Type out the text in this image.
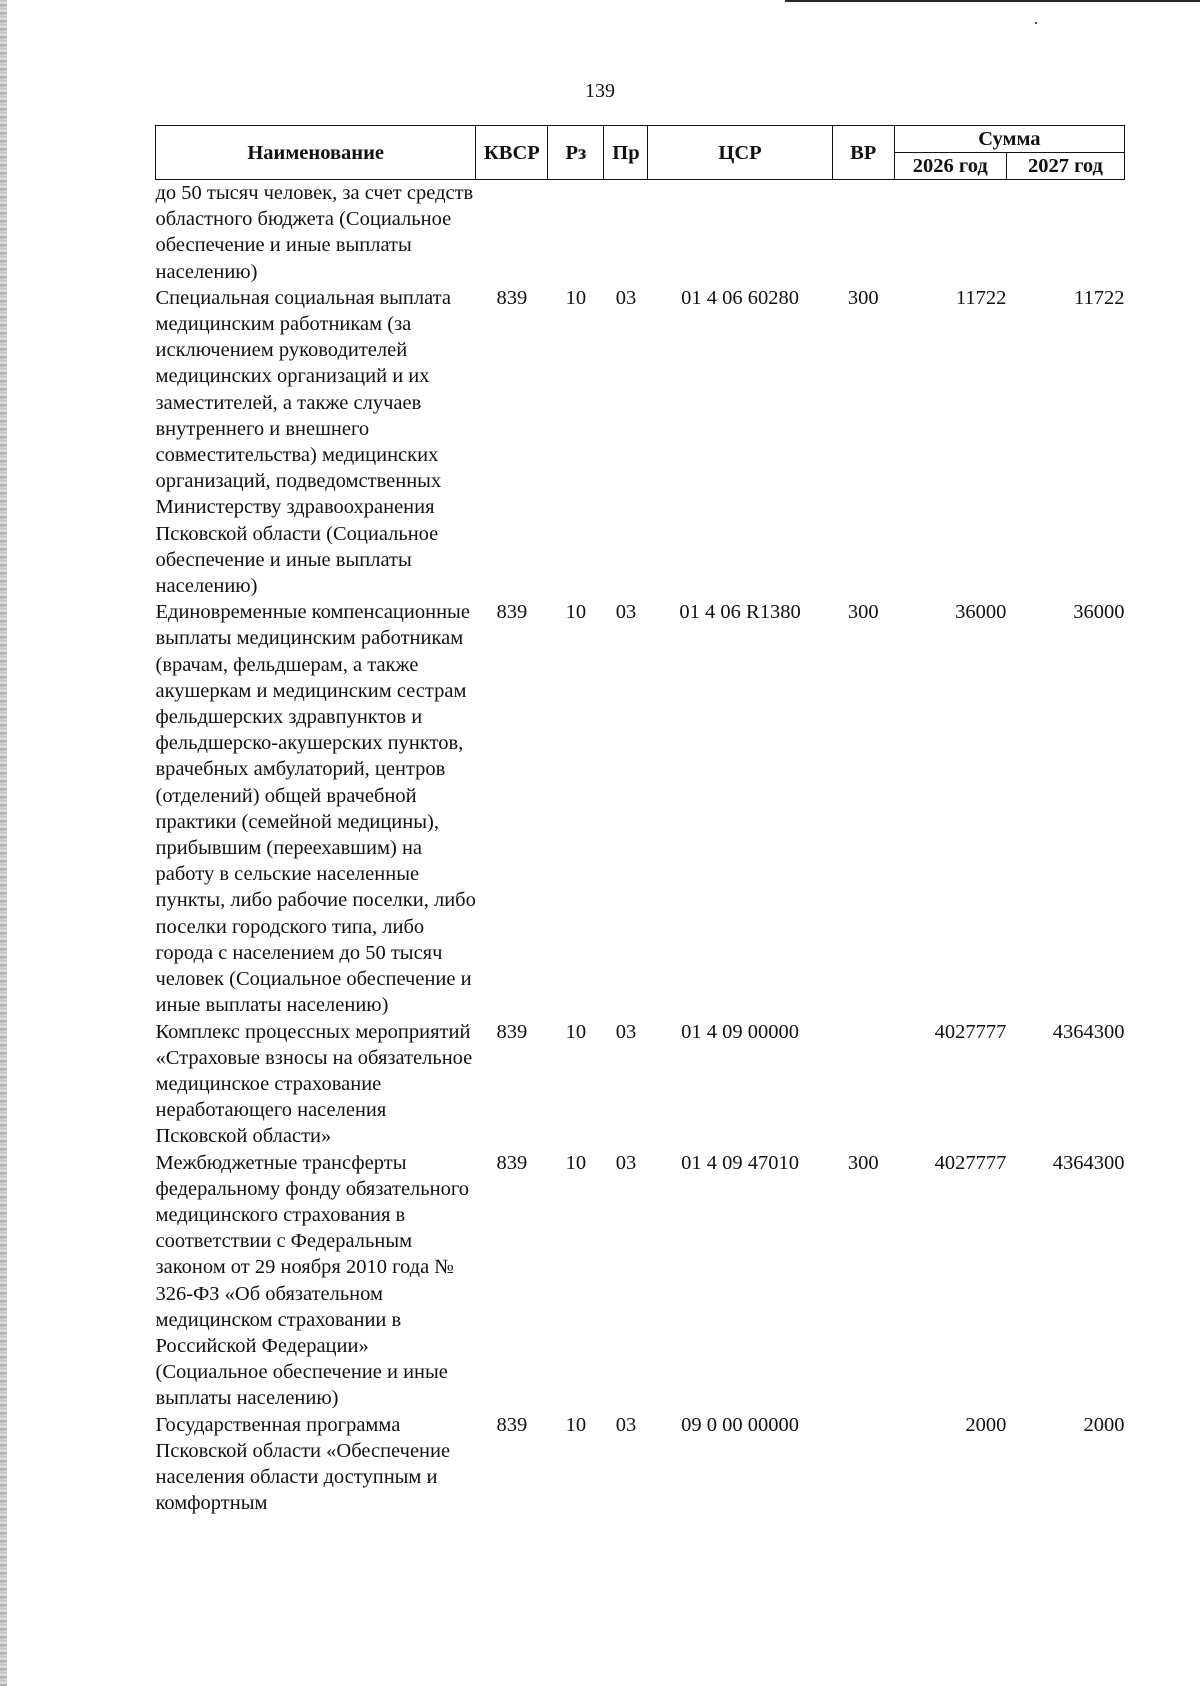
139
Наименование	КВСР	Рз	Пр	ЦСР	ВР	Сумма	
						2026 год	2027 год
до 50 тысяч человек, за счет средств областного бюджета (Социальное обеспечение и иные выплаты населению)							
Специальная социальная выплата медицинским работникам (за исключением руководителей медицинских организаций и их заместителей, а также случаев внутреннего и внешнего совместительства) медицинских организаций, подведомственных Министерству здравоохранения Псковской области (Социальное обеспечение и иные выплаты населению)	839	10	03	01 4 06 60280	300	11722	11722
Единовременные компенсационные выплаты медицинским работникам (врачам, фельдшерам, а также акушеркам и медицинским сестрам фельдшерских здравпунктов и фельдшерско-акушерских пунктов, врачебных амбулаторий, центров (отделений) общей врачебной практики (семейной медицины), прибывшим (переехавшим) на работу в сельские населенные пункты, либо рабочие поселки, либо поселки городского типа, либо города с населением до 50 тысяч человек (Социальное обеспечение и иные выплаты населению)	839	10	03	01 4 06 R1380	300	36000	36000
Комплекс процессных мероприятий «Страховые взносы на обязательное медицинское страхование неработающего населения Псковской области»	839	10	03	01 4 09 00000		4027777	4364300
Межбюджетные трансферты федеральному фонду обязательного медицинского страхования в соответствии с Федеральным законом от 29 ноября 2010 года № 326-ФЗ «Об обязательном медицинском страховании в Российской Федерации» (Социальное обеспечение и иные выплаты населению)	839	10	03	01 4 09 47010	300	4027777	4364300
Государственная программа Псковской области «Обеспечение населения области доступным и комфортным	839	10	03	09 0 00 00000		2000	2000
